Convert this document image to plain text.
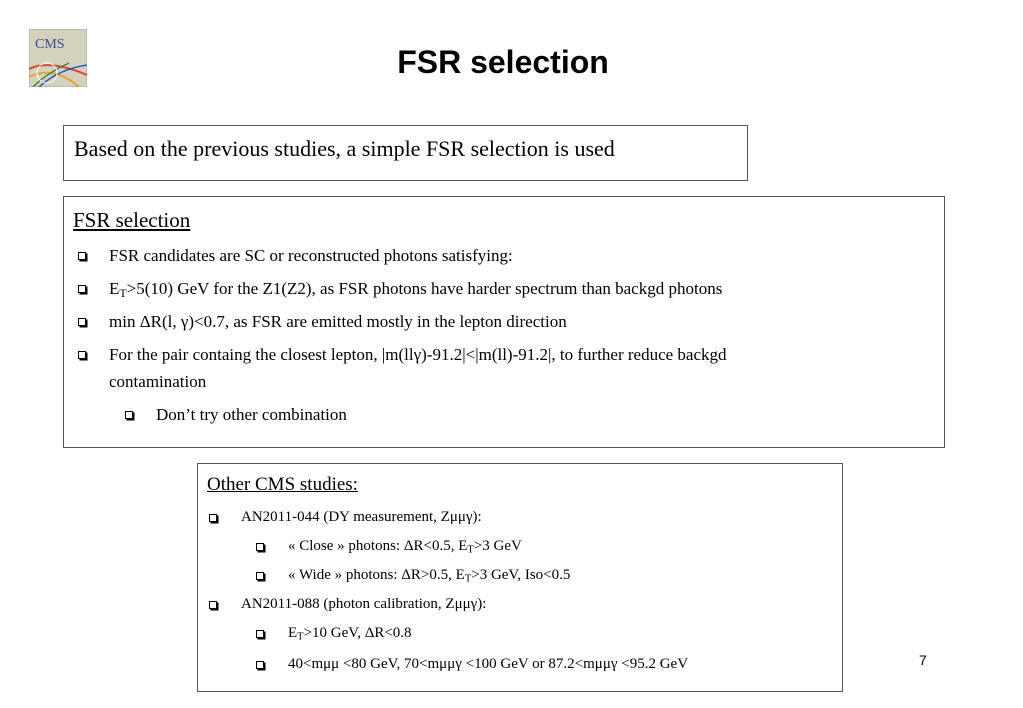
CMS	FSR selection
Based on the previous studies, a simple FSR selection is used
FSR selection
FSR candidates are SC or reconstructed photons satisfying:
$E_T>5(10)$ GeV for the Z1(Z2), as FSR photons have harder spectrum than backgd photons
min ΔR(l, γ)<0.7, as FSR are emitted mostly in the lepton direction
For the pair containg the closest lepton, |m(llγ)-91.2|<|m(ll)-91.2|, to further reduce backgd
contamination
Don’t try other combination
Other CMS studies:
AN2011-044 (DY measurement, Zμμγ):
« Close » photons: ΔR<0.5, $E_T>3$ GeV
« Wide » photons: ΔR>0.5, $E_T>3$ GeV, Iso<0.5
AN2011-088 (photon calibration, Zμμγ):
$E_T>10$ GeV, ΔR<0.8
40<mμμ <80 GeV, 70<mμμγ <100 GeV or 87.2<mμμγ <95.2 GeV	7
